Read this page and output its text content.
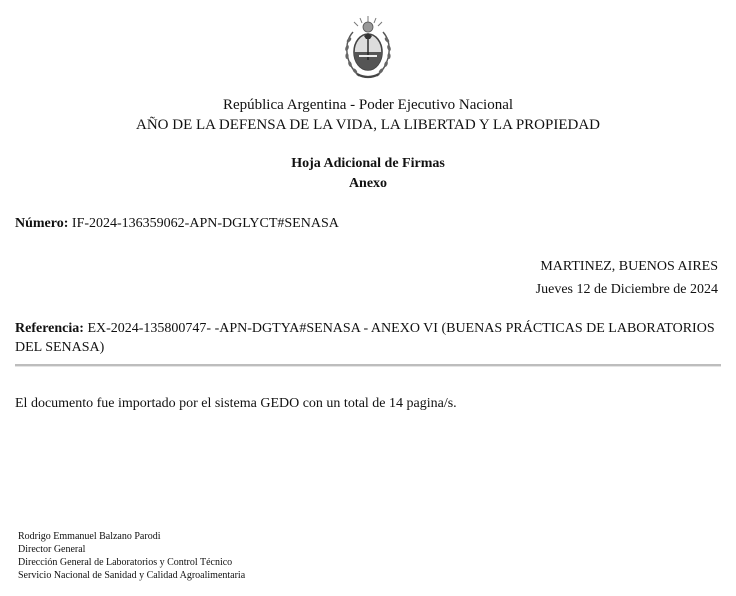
República Argentina - Poder Ejecutivo Nacional
AÑO DE LA DEFENSA DE LA VIDA, LA LIBERTAD Y LA PROPIEDAD
Hoja Adicional de Firmas
Anexo
Número: IF-2024-136359062-APN-DGLYCT#SENASA
MARTINEZ, BUENOS AIRES
Jueves 12 de Diciembre de 2024
Referencia: EX-2024-135800747- -APN-DGTYA#SENASA - ANEXO VI (BUENAS PRÁCTICAS DE LABORATORIOS DEL SENASA)
El documento fue importado por el sistema GEDO con un total de 14 pagina/s.
Rodrigo Emmanuel Balzano Parodi
Director General
Dirección General de Laboratorios y Control Técnico
Servicio Nacional de Sanidad y Calidad Agroalimentaria
